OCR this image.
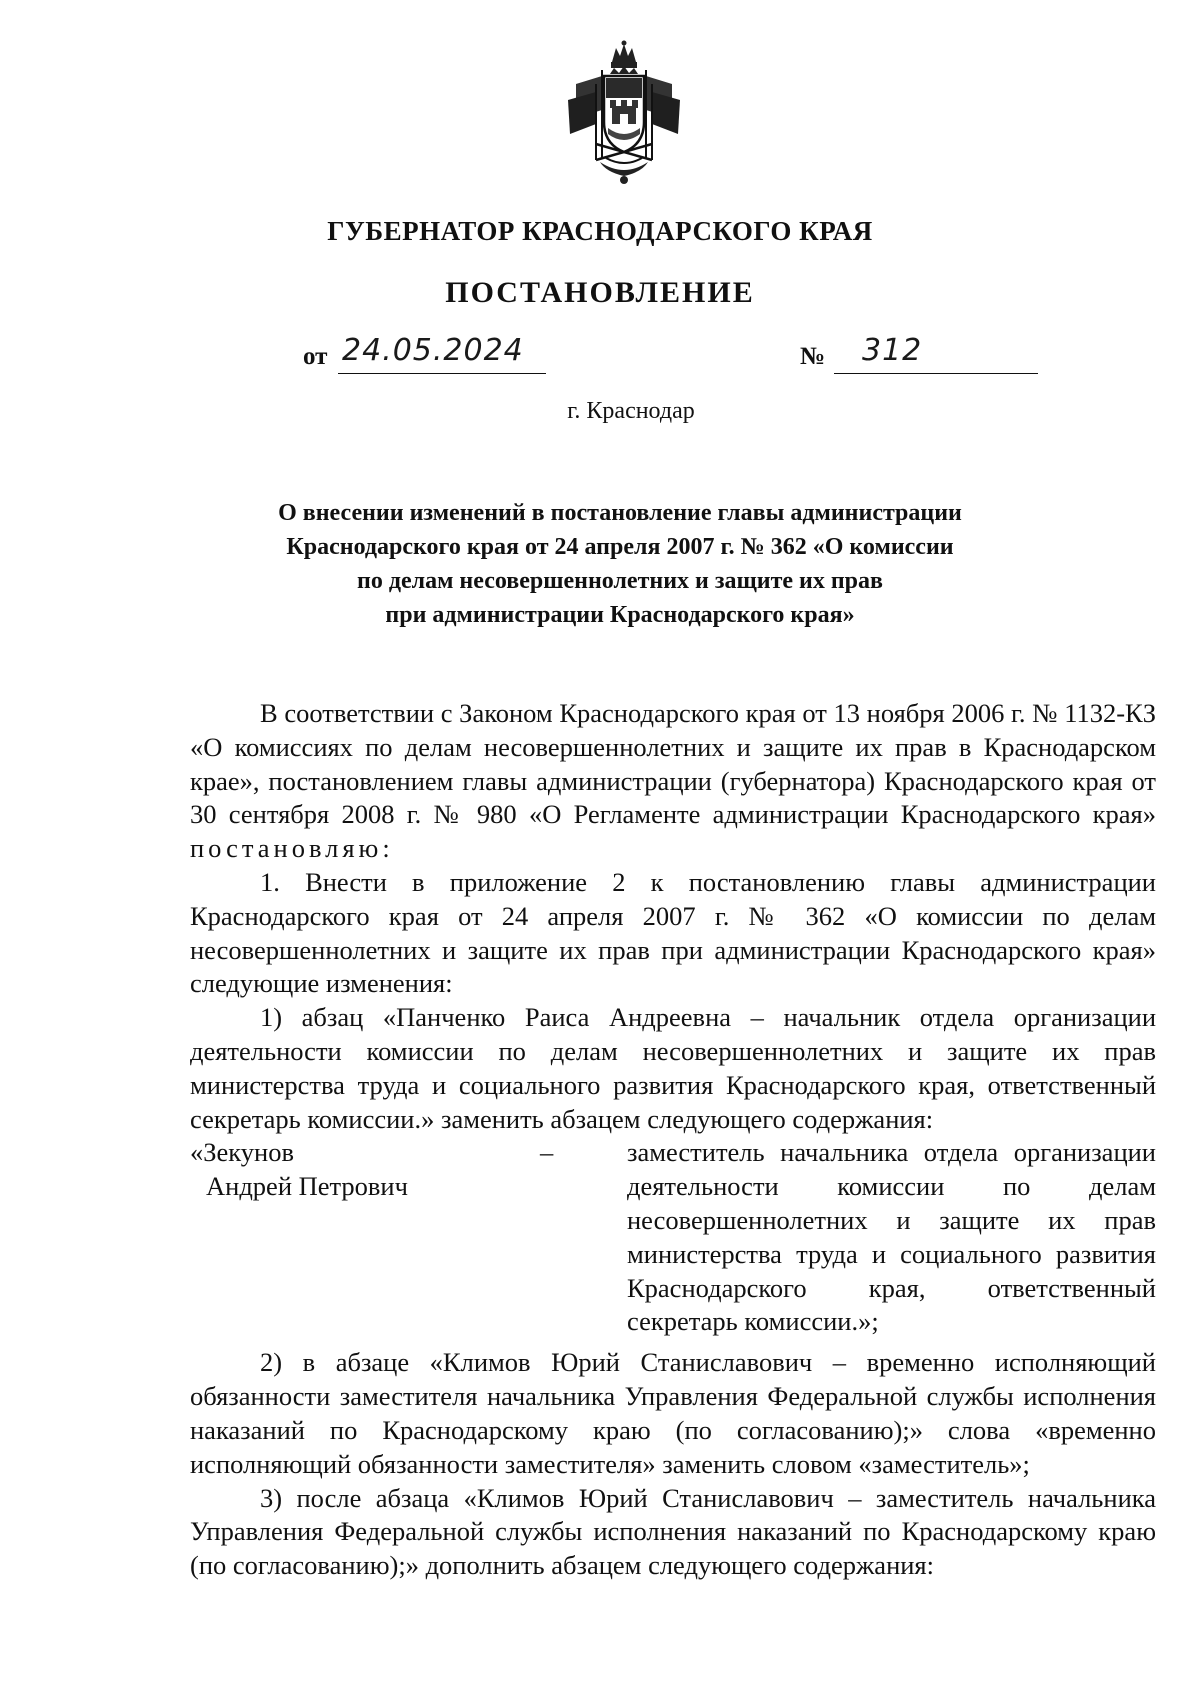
ГУБЕРНАТОР КРАСНОДАРСКОГО КРАЯ
ПОСТАНОВЛЕНИЕ
от 24.05.2024	№ 312
г. Краснодар
О внесении изменений в постановление главы администрации
Краснодарского края от 24 апреля 2007 г. № 362 «О комиссии
по делам несовершеннолетних и защите их прав
при администрации Краснодарского края»

В соответствии с Законом Краснодарского края от 13 ноября 2006 г. № 1132-КЗ «О комиссиях по делам несовершеннолетних и защите их прав в Краснодарском крае», постановлением главы администрации (губернатора) Краснодарского края от 30 сентября 2008 г. № 980 «О Регламенте администрации Краснодарского края» постановляю:

1. Внести в приложение 2 к постановлению главы администрации Краснодарского края от 24 апреля 2007 г. № 362 «О комиссии по делам несовершеннолетних и защите их прав при администрации Краснодарского края» следующие изменения:

1) абзац «Панченко Раиса Андреевна – начальник отдела организации деятельности комиссии по делам несовершеннолетних и защите их прав министерства труда и социального развития Краснодарского края, ответственный секретарь комиссии.» заменить абзацем следующего содержания:

«Зекунов
Андрей Петрович
–	заместитель начальника отдела организации деятельности комиссии по делам несовершеннолетних и защите их прав министерства труда и социального развития Краснодарского края, ответственный секретарь комиссии.»;

2) в абзаце «Климов Юрий Станиславович – временно исполняющий обязанности заместителя начальника Управления Федеральной службы исполнения наказаний по Краснодарскому краю (по согласованию);» слова «временно исполняющий обязанности заместителя» заменить словом «заместитель»;

3) после абзаца «Климов Юрий Станиславович – заместитель начальника Управления Федеральной службы исполнения наказаний по Краснодарскому краю (по согласованию);» дополнить абзацем следующего содержания:
